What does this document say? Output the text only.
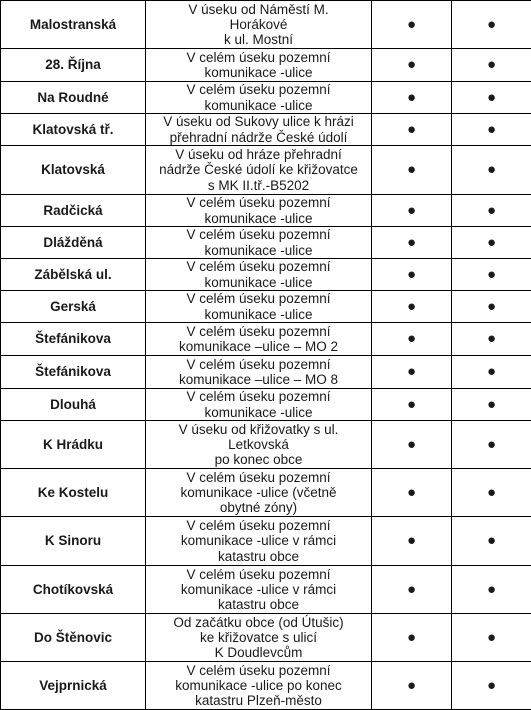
Malostranská	V úseku od Náměstí M.
Horákové
k ul. Mostní	●	●
28. Října	V celém úseku pozemní
komunikace -ulice	●	●
Na Roudné	V celém úseku pozemní
komunikace -ulice	●	●
Klatovská tř.	V úseku od Sukovy ulice k hrázi
přehradní nádrže České údolí	●	●
Klatovská	V úseku od hráze přehradní
nádrže České údolí ke křižovatce
s MK II.tř.-B5202	●	●
Radčická	V celém úseku pozemní
komunikace -ulice	●	●
Dlážděná	V celém úseku pozemní
komunikace -ulice	●	●
Zábělská ul.	V celém úseku pozemní
komunikace -ulice	●	●
Gerská	V celém úseku pozemní
komunikace -ulice	●	●
Štefánikova	V celém úseku pozemní
komunikace –ulice – MO 2	●	●
Štefánikova	V celém úseku pozemní
komunikace –ulice – MO 8	●	●
Dlouhá	V celém úseku pozemní
komunikace -ulice	●	●
K Hrádku	V úseku od křižovatky s ul.
Letkovská
po konec obce	●	●
Ke Kostelu	V celém úseku pozemní
komunikace -ulice (včetně
obytné zóny)	●	●
K Sinoru	V celém úseku pozemní
komunikace -ulice v rámci
katastru obce	●	●
Chotíkovská	V celém úseku pozemní
komunikace -ulice v rámci
katastru obce	●	●
Do Štěnovic	Od začátku obce (od Útušic)
ke křižovatce s ulicí
K Doudlevcům	●	●
Vejprnická	V celém úseku pozemní
komunikace -ulice po konec
katastru Plzeň-město	●	●
